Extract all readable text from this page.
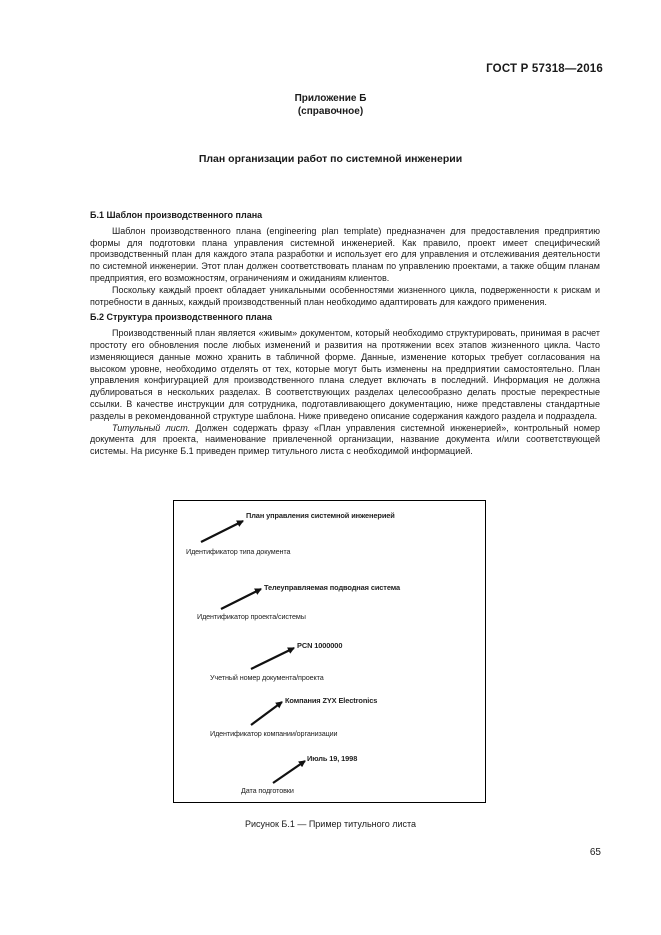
ГОСТ Р 57318—2016
Приложение Б
(справочное)
План организации работ по системной инженерии
Б.1 Шаблон производственного плана

Шаблон производственного плана (engineering plan template) предназначен для предоставления предприятию формы для подготовки плана управления системной инженерией. Как правило, проект имеет специфический производственный план для каждого этапа разработки и использует его для управления и отслеживания деятельности по системной инженерии. Этот план должен соответствовать планам по управлению проектами, а также общим планам предприятия, его возможностям, ограничениям и ожиданиям клиентов.

Поскольку каждый проект обладает уникальными особенностями жизненного цикла, подверженности к рискам и потребности в данных, каждый производственный план необходимо адаптировать для каждого применения.

Б.2 Структура производственного плана

Производственный план является «живым» документом, который необходимо структурировать, принимая в расчет простоту его обновления после любых изменений и развития на протяжении всех этапов жизненного цикла. Часто изменяющиеся данные можно хранить в табличной форме. Данные, изменение которых требует согласования на высоком уровне, необходимо отделять от тех, которые могут быть изменены на предприятии самостоятельно. План управления конфигурацией для производственного плана следует включать в последний. Информация не должна дублироваться в нескольких разделах. В соответствующих разделах целесообразно делать простые перекрестные ссылки. В качестве инструкции для сотрудника, подготавливающего документацию, ниже представлены стандартные разделы в рекомендованной структуре шаблона. Ниже приведено описание содержания каждого раздела и подраздела.

Титульный лист. Должен содержать фразу «План управления системной инженерией», контрольный номер документа для проекта, наименование привлеченной организации, название документа и/или соответствующей системы. На рисунке Б.1 приведен пример титульного листа с необходимой информацией.

План управления системной инженерией
Идентификатор типа документа
Телеуправляемая подводная система
Идентификатор проекта/системы
PCN 1000000
Учетный номер документа/проекта
Компания ZYX Electronics
Идентификатор компании/организации
Июль 19, 1998
Дата подготовки
Рисунок Б.1 — Пример титульного листа
65
